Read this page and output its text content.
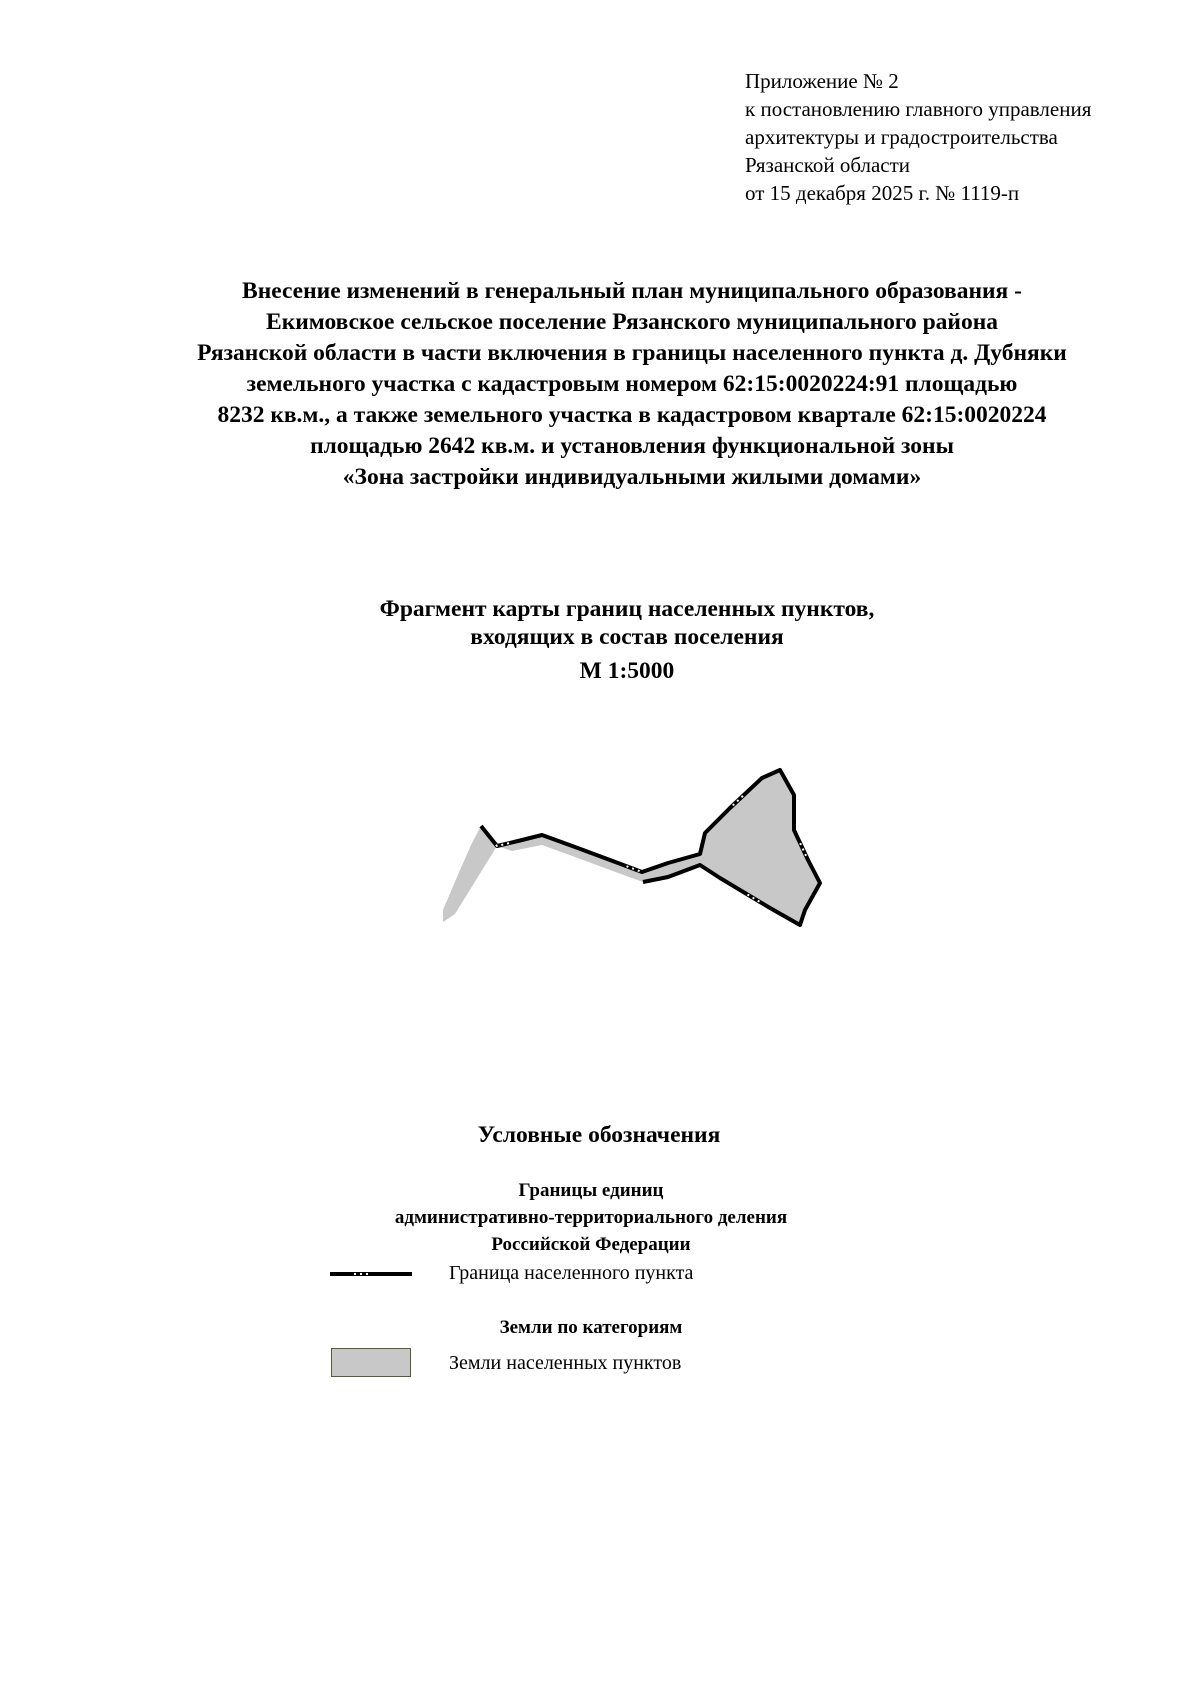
Приложение № 2
к постановлению главного управления
архитектуры и градостроительства
Рязанской области
от 15 декабря 2025 г. № 1119-п
Внесение изменений в генеральный план муниципального образования -
Екимовское сельское поселение Рязанского муниципального района
Рязанской области в части включения в границы населенного пункта д. Дубняки
земельного участка с кадастровым номером 62:15:0020224:91 площадью
8232 кв.м., а также земельного участка в кадастровом квартале 62:15:0020224
площадью 2642 кв.м. и установления функциональной зоны
«Зона застройки индивидуальными жилыми домами»
Фрагмент карты границ населенных пунктов,
входящих в состав поселения
М 1:5000
Условные обозначения
Границы единиц
административно-территориального деления
Российской Федерации
Граница населенного пункта
Земли по категориям
Земли населенных пунктов
